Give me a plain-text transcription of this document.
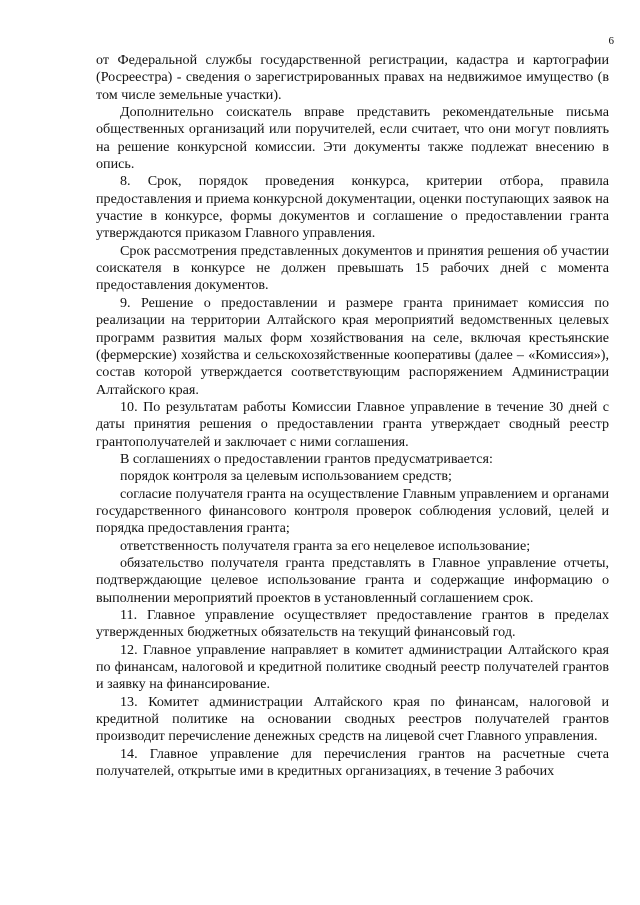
6

от Федеральной службы государственной регистрации, кадастра и картографии (Росреестра) - сведения о зарегистрированных правах на недвижимое имущество (в том числе земельные участки).

Дополнительно соискатель вправе представить рекомендательные письма общественных организаций или поручителей, если считает, что они могут повлиять на решение конкурсной комиссии. Эти документы также подлежат внесению в опись.

8. Срок, порядок проведения конкурса, критерии отбора, правила предоставления и приема конкурсной документации, оценки поступающих заявок на участие в конкурсе, формы документов и соглашение о предоставлении гранта утверждаются приказом Главного управления.

Срок рассмотрения представленных документов и принятия решения об участии соискателя в конкурсе не должен превышать 15 рабочих дней с момента предоставления документов.

9. Решение о предоставлении и размере гранта принимает комиссия по реализации на территории Алтайского края мероприятий ведомственных целевых программ развития малых форм хозяйствования на селе, включая крестьянские (фермерские) хозяйства и сельскохозяйственные кооперативы (далее – «Комиссия»), состав которой утверждается соответствующим распоряжением Администрации Алтайского края.

10. По результатам работы Комиссии Главное управление в течение 30 дней с даты принятия решения о предоставлении гранта утверждает сводный реестр грантополучателей и заключает с ними соглашения.

В соглашениях о предоставлении грантов предусматривается:

порядок контроля за целевым использованием средств;

согласие получателя гранта на осуществление Главным управлением и органами государственного финансового контроля проверок соблюдения условий, целей и порядка предоставления гранта;

ответственность получателя гранта за его нецелевое использование;

обязательство получателя гранта представлять в Главное управление отчеты, подтверждающие целевое использование гранта и содержащие информацию о выполнении мероприятий проектов в установленный соглашением срок.

11. Главное управление осуществляет предоставление грантов в пределах утвержденных бюджетных обязательств на текущий финансовый год.

12. Главное управление направляет в комитет администрации Алтайского края по финансам, налоговой и кредитной политике сводный реестр получателей грантов и заявку на финансирование.

13. Комитет администрации Алтайского края по финансам, налоговой и кредитной политике на основании сводных реестров получателей грантов производит перечисление денежных средств на лицевой счет Главного управления.

14. Главное управление для перечисления грантов на расчетные счета получателей, открытые ими в кредитных организациях, в течение 3 рабочих
